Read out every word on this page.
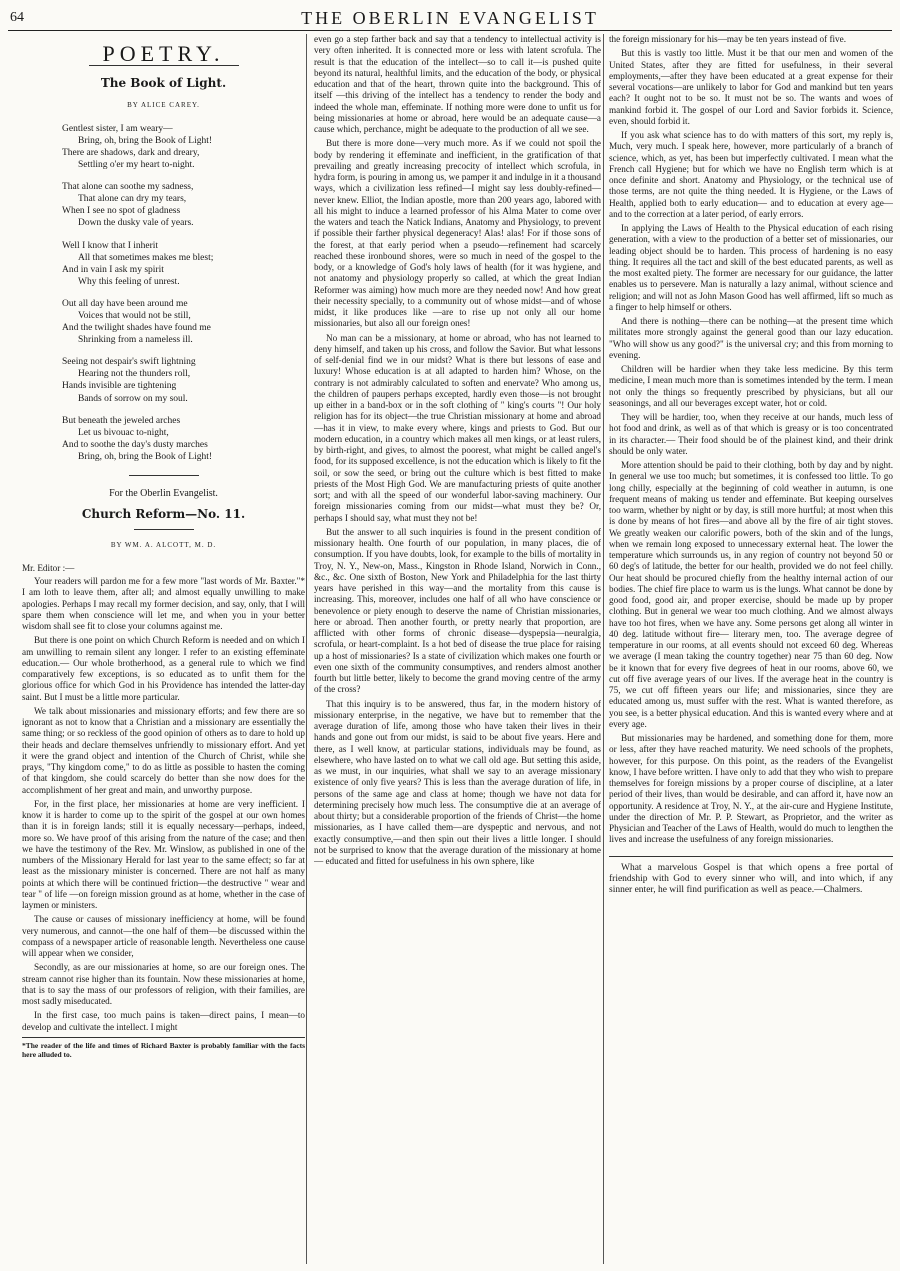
64	THE OBERLIN EVANGELIST
POETRY.
The Book of Light.
BY ALICE CAREY.
Gentlest sister, I am weary—
Bring, oh, bring the Book of Light!
There are shadows, dark and dreary,
Settling o'er my heart to-night.
That alone can soothe my sadness,
That alone can dry my tears,
When I see no spot of gladness
Down the dusky vale of years.
Well I know that I inherit
All that sometimes makes me blest;
And in vain I ask my spirit
Why this feeling of unrest.
Out all day have been around me
Voices that would not be still,
And the twilight shades have found me
Shrinking from a nameless ill.
Seeing not despair's swift lightning
Hearing not the thunders roll,
Hands invisible are tightening
Bands of sorrow on my soul.
But beneath the jeweled arches
Let us bivouac to-night,
And to soothe the day's dusty marches
Bring, oh, bring the Book of Light!
For the Oberlin Evangelist.
Church Reform—No. 11.
BY WM. A. ALCOTT, M. D.
Mr. Editor :—

Your readers will pardon me for a few more "last words of Mr. Baxter."* I am loth to leave them, after all; and almost equally unwilling to make apologies. Perhaps I may recall my former decision, and say, only, that I will spare them when conscience will let me, and when you in your better wisdom shall see fit to close your columns against me.

But there is one point on which Church Reform is needed and on which I am unwilling to remain silent any longer. I refer to an existing effeminate education.— Our whole brotherhood, as a general rule to which we find comparatively few exceptions, is so educated as to unfit them for the glorious office for which God in his Providence has intended the latter-day saint. But I must be a little more particular.

We talk about missionaries and missionary efforts; and few there are so ignorant as not to know that a Christian and a missionary are essentially the same thing; or so reckless of the good opinion of others as to dare to hold up their heads and declare themselves unfriendly to missionary effort. And yet it were the grand object and intention of the Church of Christ, while she prays, "Thy kingdom come," to do as little as possible to hasten the coming of that kingdom, she could scarcely do better than she now does for the accomplishment of her great and main, and unworthy purpose.

For, in the first place, her missionaries at home are very inefficient. I know it is harder to come up to the spirit of the gospel at our own homes than it is in foreign lands; still it is equally necessary—perhaps, indeed, more so. We have proof of this arising from the nature of the case; and then we have the testimony of the Rev. Mr. Winslow, as published in one of the numbers of the Missionary Herald for last year to the same effect; so far at least as the missionary minister is concerned. There are not half as many points at which there will be continued friction—the destructive " wear and tear " of life —on foreign mission ground as at home, whether in the case of laymen or ministers.

The cause or causes of missionary inefficiency at home, will be found very numerous, and cannot—the one half of them—be discussed within the compass of a newspaper article of reasonable length. Nevertheless one cause will appear when we consider,

Secondly, as are our missionaries at home, so are our foreign ones. The stream cannot rise higher than its fountain. Now these missionaries at home, that is to say the mass of our professors of religion, with their families, are most sadly miseducated.

In the first case, too much pains is taken—direct pains, I mean—to develop and cultivate the intellect. I might

*The reader of the life and times of Richard Baxter is probably familiar with the facts here alluded to.

even go a step farther back and say that a tendency to intellectual activity is very often inherited. It is connected more or less with latent scrofula. The result is that the education of the intellect—so to call it—is pushed quite beyond its natural, healthful limits, and the education of the body, or physical education and that of the heart, thrown quite into the background. This of itself —this driving of the intellect has a tendency to render the body and indeed the whole man, effeminate. If nothing more were done to unfit us for being missionaries at home or abroad, here would be an adequate cause—a cause which, perchance, might be adequate to the production of all we see.

But there is more done—very much more. As if we could not spoil the body by rendering it effeminate and inefficient, in the gratification of that prevailing and greatly increasing precocity of intellect which scrofula, in hydra form, is pouring in among us, we pamper it and indulge in it a thousand ways, which a civilization less refined—I might say less doubly-refined—never knew. Elliot, the Indian apostle, more than 200 years ago, labored with all his might to induce a learned professor of his Alma Mater to come over the waters and teach the Natick Indians, Anatomy and Physiology, to prevent if possible their farther physical degeneracy! Alas! alas! For if those sons of the forest, at that early period when a pseudo—refinement had scarcely reached these ironbound shores, were so much in need of the gospel to the body, or a knowledge of God's holy laws of health (for it was hygiene, and not anatomy and physiology properly so called, at which the great Indian Reformer was aiming) how much more are they needed now! And how great their necessity specially, to a community out of whose midst—and of whose midst, it like produces like —are to rise up not only all our home missionaries, but also all our foreign ones!

No man can be a missionary, at home or abroad, who has not learned to deny himself, and taken up his cross, and follow the Savior. But what lessons of self-denial find we in our midst? What is there but lessons of ease and luxury! Whose education is at all adapted to harden him? Whose, on the contrary is not admirably calculated to soften and enervate? Who among us, the children of paupers perhaps excepted, hardly even those—is not brought up either in a band-box or in the soft clothing of " king's courts "! Our holy religion has for its object—the true Christian missionary at home and abroad—has it in view, to make every where, kings and priests to God. But our modern education, in a country which makes all men kings, or at least rulers, by birth-right, and gives, to almost the poorest, what might be called angel's food, for its supposed excellence, is not the education which is likely to fit the soil, or sow the seed, or bring out the culture which is best fitted to make priests of the Most High God. We are manufacturing priests of quite another sort; and with all the speed of our wonderful labor-saving machinery. Our foreign missionaries coming from our midst—what must they be? Or, perhaps I should say, what must they not be!

But the answer to all such inquiries is found in the present condition of missionary health. One fourth of our population, in many places, die of consumption. If you have doubts, look, for example to the bills of mortality in Troy, N. Y., New-on, Mass., Kingston in Rhode Island, Norwich in Conn., &c., &c. One sixth of Boston, New York and Philadelphia for the last thirty years have perished in this way—and the mortality from this cause is increasing. This, moreover, includes one half of all who have conscience or benevolence or piety enough to deserve the name of Christian missionaries, here or abroad. Then another fourth, or pretty nearly that proportion, are afflicted with other forms of chronic disease—dyspepsia—neuralgia, scrofula, or heart-complaint. Is a hot bed of disease the true place for raising up a host of missionaries? Is a state of civilization which makes one fourth or even one sixth of the community consumptives, and renders almost another fourth but little better, likely to become the grand moving centre of the army of the cross?

That this inquiry is to be answered, thus far, in the modern history of missionary enterprise, in the negative, we have but to remember that the average duration of life, among those who have taken their lives in their hands and gone out from our midst, is said to be about five years. Here and there, as I well know, at particular stations, individuals may be found, as elsewhere, who have lasted on to what we call old age. But setting this aside, as we must, in our inquiries, what shall we say to an average missionary existence of only five years? This is less than the average duration of life, in persons of the same age and class at home; though we have not data for determining precisely how much less. The consumptive die at an average of about thirty; but a considerable proportion of the friends of Christ—the home missionaries, as I have called them—are dyspeptic and nervous, and not exactly consumptive,—and then spin out their lives a little longer. I should not be surprised to know that the average duration of the missionary at home— educated and fitted for usefulness in his own sphere, like

the foreign missionary for his—may be ten years instead of five.

But this is vastly too little. Must it be that our men and women of the United States, after they are fitted for usefulness, in their several employments,—after they have been educated at a great expense for their several vocations—are unlikely to labor for God and mankind but ten years each? It ought not to be so. It must not be so. The wants and woes of mankind forbid it. The gospel of our Lord and Savior forbids it. Science, even, should forbid it.

If you ask what science has to do with matters of this sort, my reply is, Much, very much. I speak here, however, more particularly of a branch of science, which, as yet, has been but imperfectly cultivated. I mean what the French call Hygiene; but for which we have no English term which is at once definite and short. Anatomy and Physiology, or the technical use of those terms, are not quite the thing needed. It is Hygiene, or the Laws of Health, applied both to early education— and to education at every age—and to the correction at a later period, of early errors.

In applying the Laws of Health to the Physical education of each rising generation, with a view to the production of a better set of missionaries, our leading object should be to harden. This process of hardening is no easy thing. It requires all the tact and skill of the best educated parents, as well as the most exalted piety. The former are necessary for our guidance, the latter enables us to persevere. Man is naturally a lazy animal, without science and religion; and will not as John Mason Good has well affirmed, lift so much as a finger to help himself or others.

And there is nothing—there can be nothing—at the present time which militates more strongly against the general good than our lazy education. "Who will show us any good?" is the universal cry; and this from morning to evening.

Children will be hardier when they take less medicine. By this term medicine, I mean much more than is sometimes intended by the term. I mean not only the things so frequently prescribed by physicians, but all our seasonings, and all our beverages except water, hot or cold.

They will be hardier, too, when they receive at our hands, much less of hot food and drink, as well as of that which is greasy or is too concentrated in its character.— Their food should be of the plainest kind, and their drink should be only water.

More attention should be paid to their clothing, both by day and by night. In general we use too much; but sometimes, it is confessed too little. To go long chilly, especially at the beginning of cold weather in autumn, is one frequent means of making us tender and effeminate. But keeping ourselves too warm, whether by night or by day, is still more hurtful; at most when this is done by means of hot fires—and above all by the fire of air tight stoves. We greatly weaken our calorific powers, both of the skin and of the lungs, when we remain long exposed to unnecessary external heat. The lower the temperature which surrounds us, in any region of country not beyond 50 or 60 deg's of latitude, the better for our health, provided we do not feel chilly. Our heat should be procured chiefly from the healthy internal action of our bodies. The chief fire place to warm us is the lungs. What cannot be done by good food, good air, and proper exercise, should be made up by proper clothing. But in general we wear too much clothing. And we almost always have too hot fires, when we have any. Some persons get along all winter in 40 deg. latitude without fire— literary men, too. The average degree of temperature in our rooms, at all events should not exceed 60 deg. Whereas we average (I mean taking the country together) near 75 than 60 deg. Now be it known that for every five degrees of heat in our rooms, above 60, we cut off five average years of our lives. If the average heat in the country is 75, we cut off fifteen years our life; and missionaries, since they are educated among us, must suffer with the rest. What is wanted therefore, as you see, is a better physical education. And this is wanted every where and at every age.

But missionaries may be hardened, and something done for them, more or less, after they have reached maturity. We need schools of the prophets, however, for this purpose. On this point, as the readers of the Evangelist know, I have before written. I have only to add that they who wish to prepare themselves for foreign missions by a proper course of discipline, at a later period of their lives, than would be desirable, and can afford it, have now an opportunity. A residence at Troy, N. Y., at the air-cure and Hygiene Institute, under the direction of Mr. P. P. Stewart, as Proprietor, and the writer as Physician and Teacher of the Laws of Health, would do much to lengthen the lives and increase the usefulness of any foreign missionaries.

What a marvelous Gospel is that which opens a free portal of friendship with God to every sinner who will, and into which, if any sinner enter, he will find purification as well as peace.—Chalmers.
